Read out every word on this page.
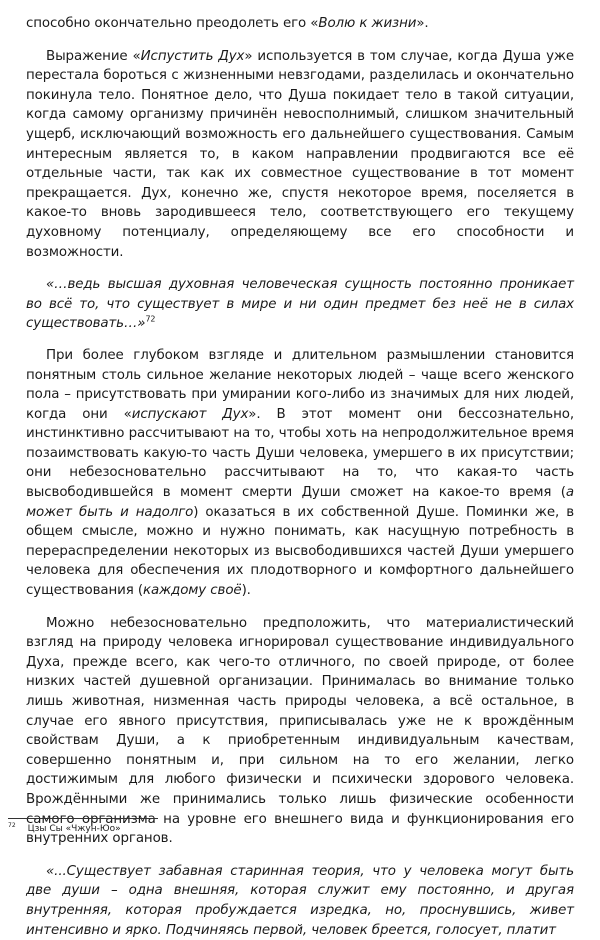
способно окончательно преодолеть его «Волю к жизни».

Выражение «Испустить Дух» используется в том случае, когда Душа уже перестала бороться с жизненными невзгодами, разделилась и окончательно покинула тело. Понятное дело, что Душа покидает тело в такой ситуации, когда самому организму причинён невосполнимый, слишком значительный ущерб, исключающий возможность его дальнейшего существования. Самым интересным является то, в каком направлении продвигаются все её отдельные части, так как их совместное существование в тот момент прекращается. Дух, конечно же, спустя некоторое время, поселяется в какое-то вновь зародившееся тело, соответствующего его текущему духовному потенциалу, определяющему все его способности и возможности.

«…ведь высшая духовная человеческая сущность постоянно проникает во всё то, что существует в мире и ни один предмет без неё не в силах существовать…»$^{72}$

При более глубоком взгляде и длительном размышлении становится понятным столь сильное желание некоторых людей – чаще всего женского пола – присутствовать при умирании кого-либо из значимых для них людей, когда они «испускают Дух». В этот момент они бессознательно, инстинктивно рассчитывают на то, чтобы хоть на непродолжительное время позаимствовать какую-то часть Души человека, умершего в их присутствии; они небезосновательно рассчитывают на то, что какая-то часть высвободившейся в момент смерти Души сможет на какое-то время (а может быть и надолго) оказаться в их собственной Душе. Поминки же, в общем смысле, можно и нужно понимать, как насущную потребность в перераспределении некоторых из высвободившихся частей Души умершего человека для обеспечения их плодотворного и комфортного дальнейшего существования (каждому своё).

Можно небезосновательно предположить, что материалистический взгляд на природу человека игнорировал существование индивидуального Духа, прежде всего, как чего-то отличного, по своей природе, от более низких частей душевной организации. Принималась во внимание только лишь животная, низменная часть природы человека, а всё остальное, в случае его явного присутствия, приписывалась уже не к врождённым свойствам Души, а к приобретенным индивидуальным качествам, совершенно понятным и, при сильном на то его желании, легко достижимым для любого физически и психически здорового человека. Врождёнными же принимались только лишь физические особенности самого организма на уровне его внешнего вида и функционирования его внутренних органов.

«...Существует забавная старинная теория, что у человека могут быть две души – одна внешняя, которая служит ему постоянно, и другая внутренняя, которая пробуждается изредка, но, проснувшись, живет интенсивно и ярко. Подчиняясь первой, человек бреется, голосует, платит

$^{72}$ Цзы Сы «Чжун-Юо»
